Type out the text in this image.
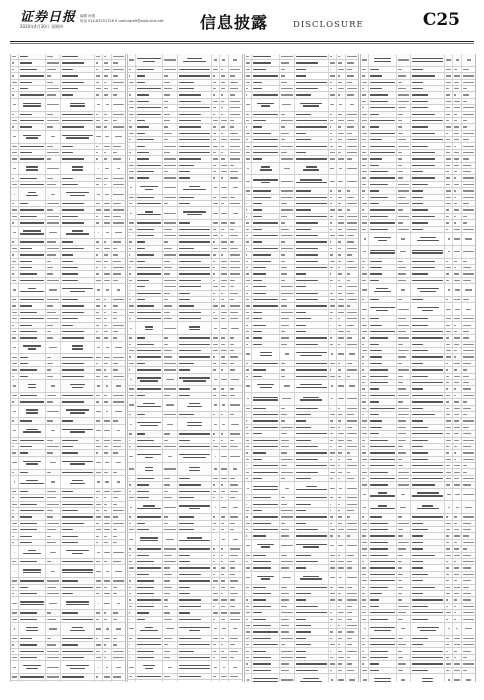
证券日报
2020年4月30日 星期四
编辑 孙倩
电话 010-83251716 E-mail:zqrb9@zqrb.sina.net 信息披露	DISCLOSURE	C25
